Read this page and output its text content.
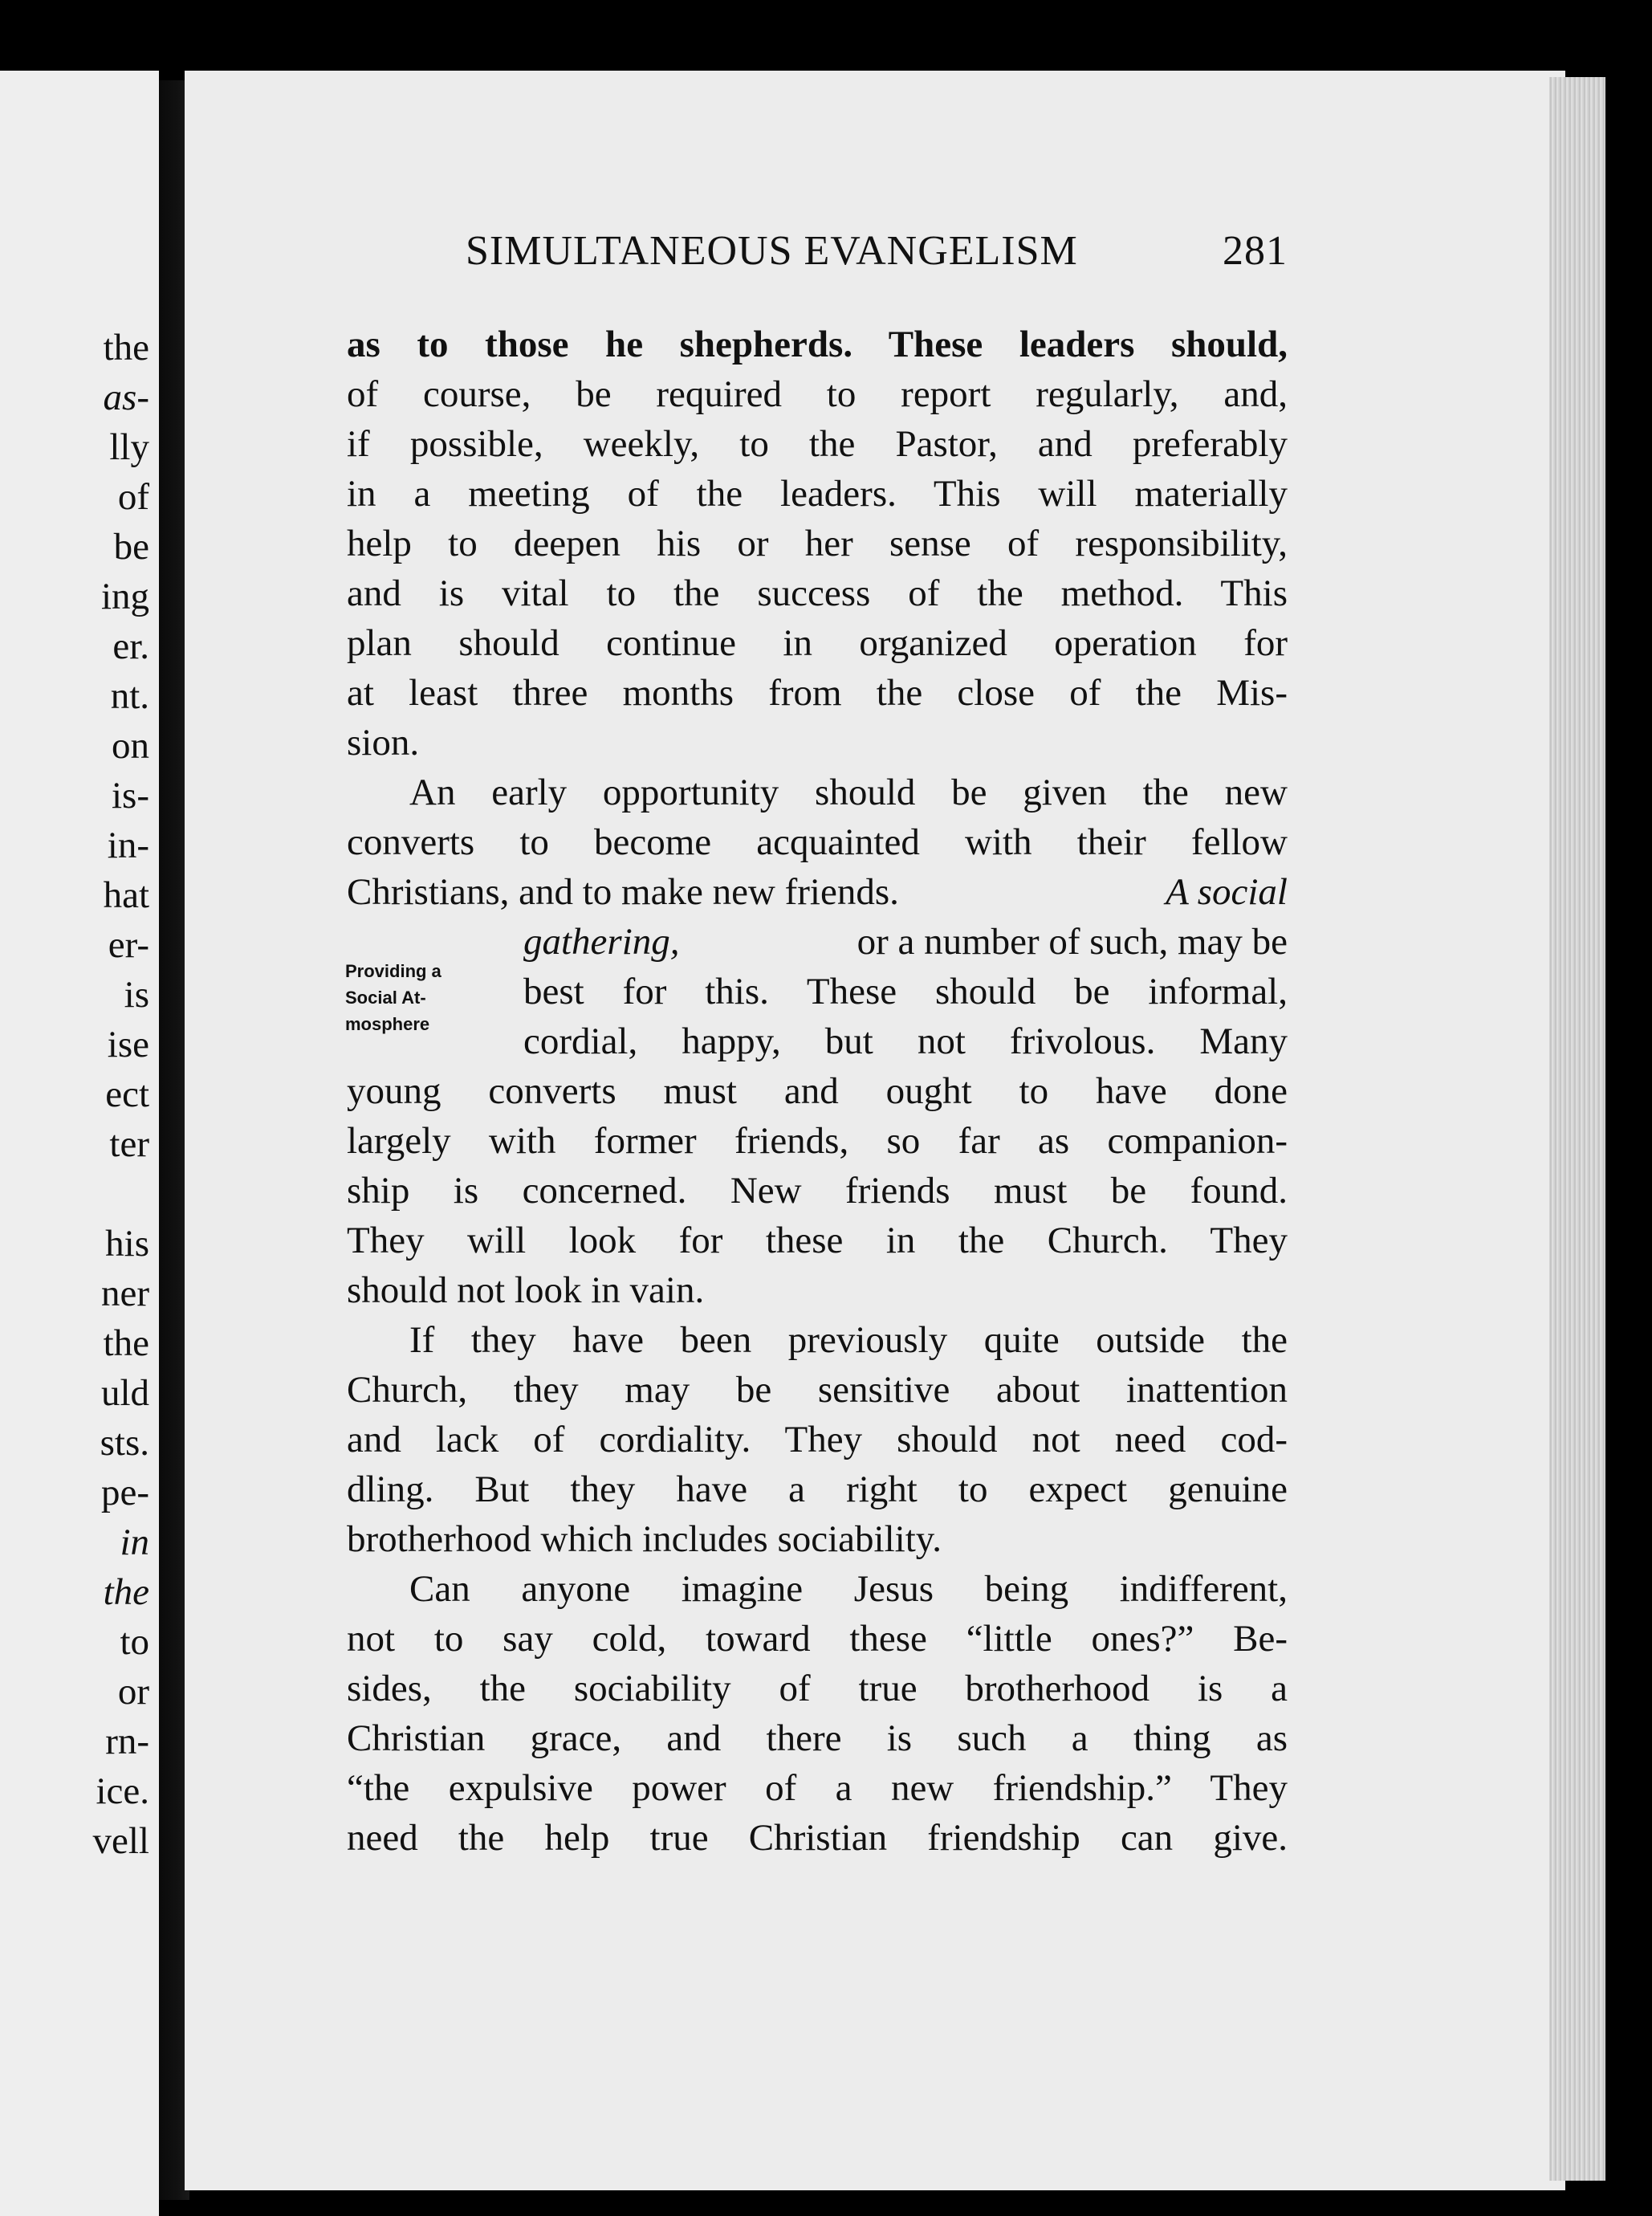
the
as-
lly
of
be
ing
er.
nt.
on
is-
in-
hat
er-
is
ise
ect
ter
his
ner
the
uld
sts.
pe-
in
the
to
or
rn-
ice.
vell
SIMULTANEOUS EVANGELISM	281
Providing a
Social At-
mosphere
as to those he shepherds. These leaders should,
of course, be required to report regularly, and,
if possible, weekly, to the Pastor, and preferably
in a meeting of the leaders. This will materially
help to deepen his or her sense of responsibility,
and is vital to the success of the method. This
plan should continue in organized operation for
at least three months from the close of the Mis-
sion.
An early opportunity should be given the new
converts to become acquainted with their fellow
Christians, and to make new friends.	A social
gathering,	or a number of such, may be
best for this. These should be informal,
cordial, happy, but not frivolous. Many
young converts must and ought to have done
largely with former friends, so far as companion-
ship is concerned. New friends must be found.
They will look for these in the Church. They
should not look in vain.
If they have been previously quite outside the
Church, they may be sensitive about inattention
and lack of cordiality. They should not need cod-
dling. But they have a right to expect genuine
brotherhood which includes sociability.
Can anyone imagine Jesus being indifferent,
not to say cold, toward these “little ones?” Be-
sides, the sociability of true brotherhood is a
Christian grace, and there is such a thing as
“the expulsive power of a new friendship.” They
need the help true Christian friendship can give.
